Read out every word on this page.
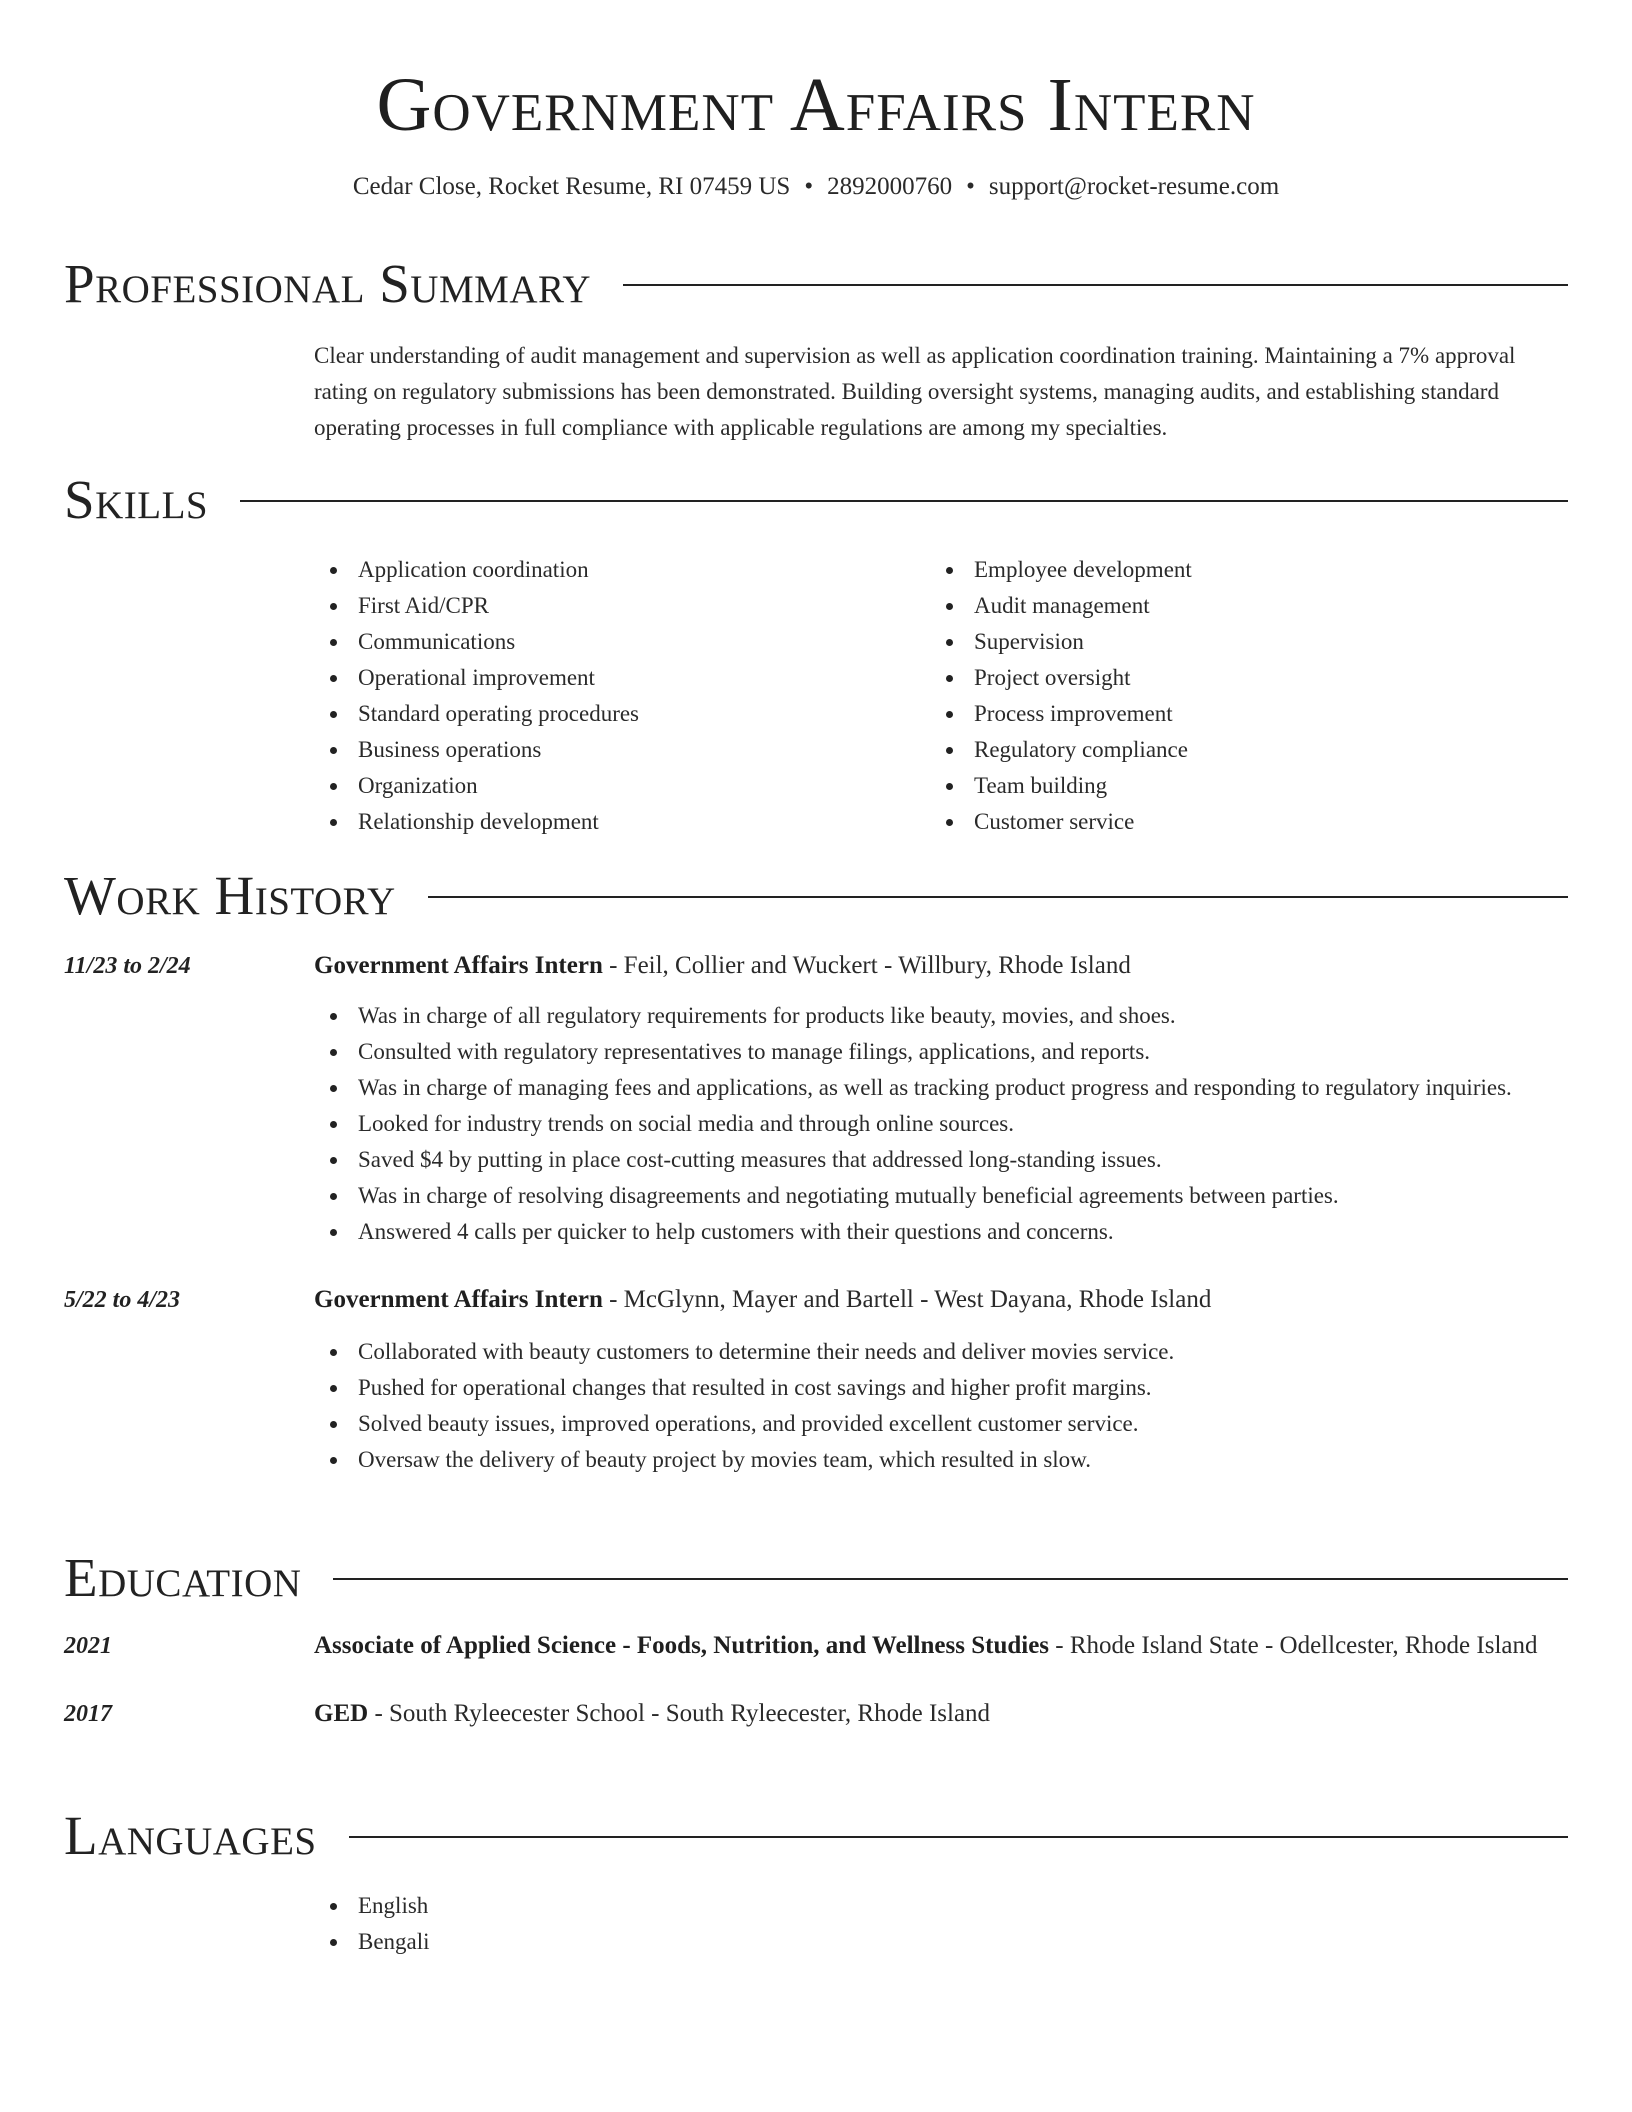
Government Affairs Intern
Cedar Close, Rocket Resume, RI 07459 US • 2892000760 • support@rocket-resume.com
Professional Summary
Clear understanding of audit management and supervision as well as application coordination training. Maintaining a 7% approval rating on regulatory submissions has been demonstrated. Building oversight systems, managing audits, and establishing standard operating processes in full compliance with applicable regulations are among my specialties.
Skills
Application coordination
First Aid/CPR
Communications
Operational improvement
Standard operating procedures
Business operations
Organization
Relationship development
Employee development
Audit management
Supervision
Project oversight
Process improvement
Regulatory compliance
Team building
Customer service
Work History
11/23 to 2/24	Government Affairs Intern - Feil, Collier and Wuckert - Willbury, Rhode Island
Was in charge of all regulatory requirements for products like beauty, movies, and shoes.
Consulted with regulatory representatives to manage filings, applications, and reports.
Was in charge of managing fees and applications, as well as tracking product progress and responding to regulatory inquiries.
Looked for industry trends on social media and through online sources.
Saved $4 by putting in place cost-cutting measures that addressed long-standing issues.
Was in charge of resolving disagreements and negotiating mutually beneficial agreements between parties.
Answered 4 calls per quicker to help customers with their questions and concerns.
5/22 to 4/23	Government Affairs Intern - McGlynn, Mayer and Bartell - West Dayana, Rhode Island
Collaborated with beauty customers to determine their needs and deliver movies service.
Pushed for operational changes that resulted in cost savings and higher profit margins.
Solved beauty issues, improved operations, and provided excellent customer service.
Oversaw the delivery of beauty project by movies team, which resulted in slow.
Education
2021	Associate of Applied Science - Foods, Nutrition, and Wellness Studies - Rhode Island State - Odellcester, Rhode Island
2017	GED - South Ryleecester School - South Ryleecester, Rhode Island
Languages
English
Bengali
